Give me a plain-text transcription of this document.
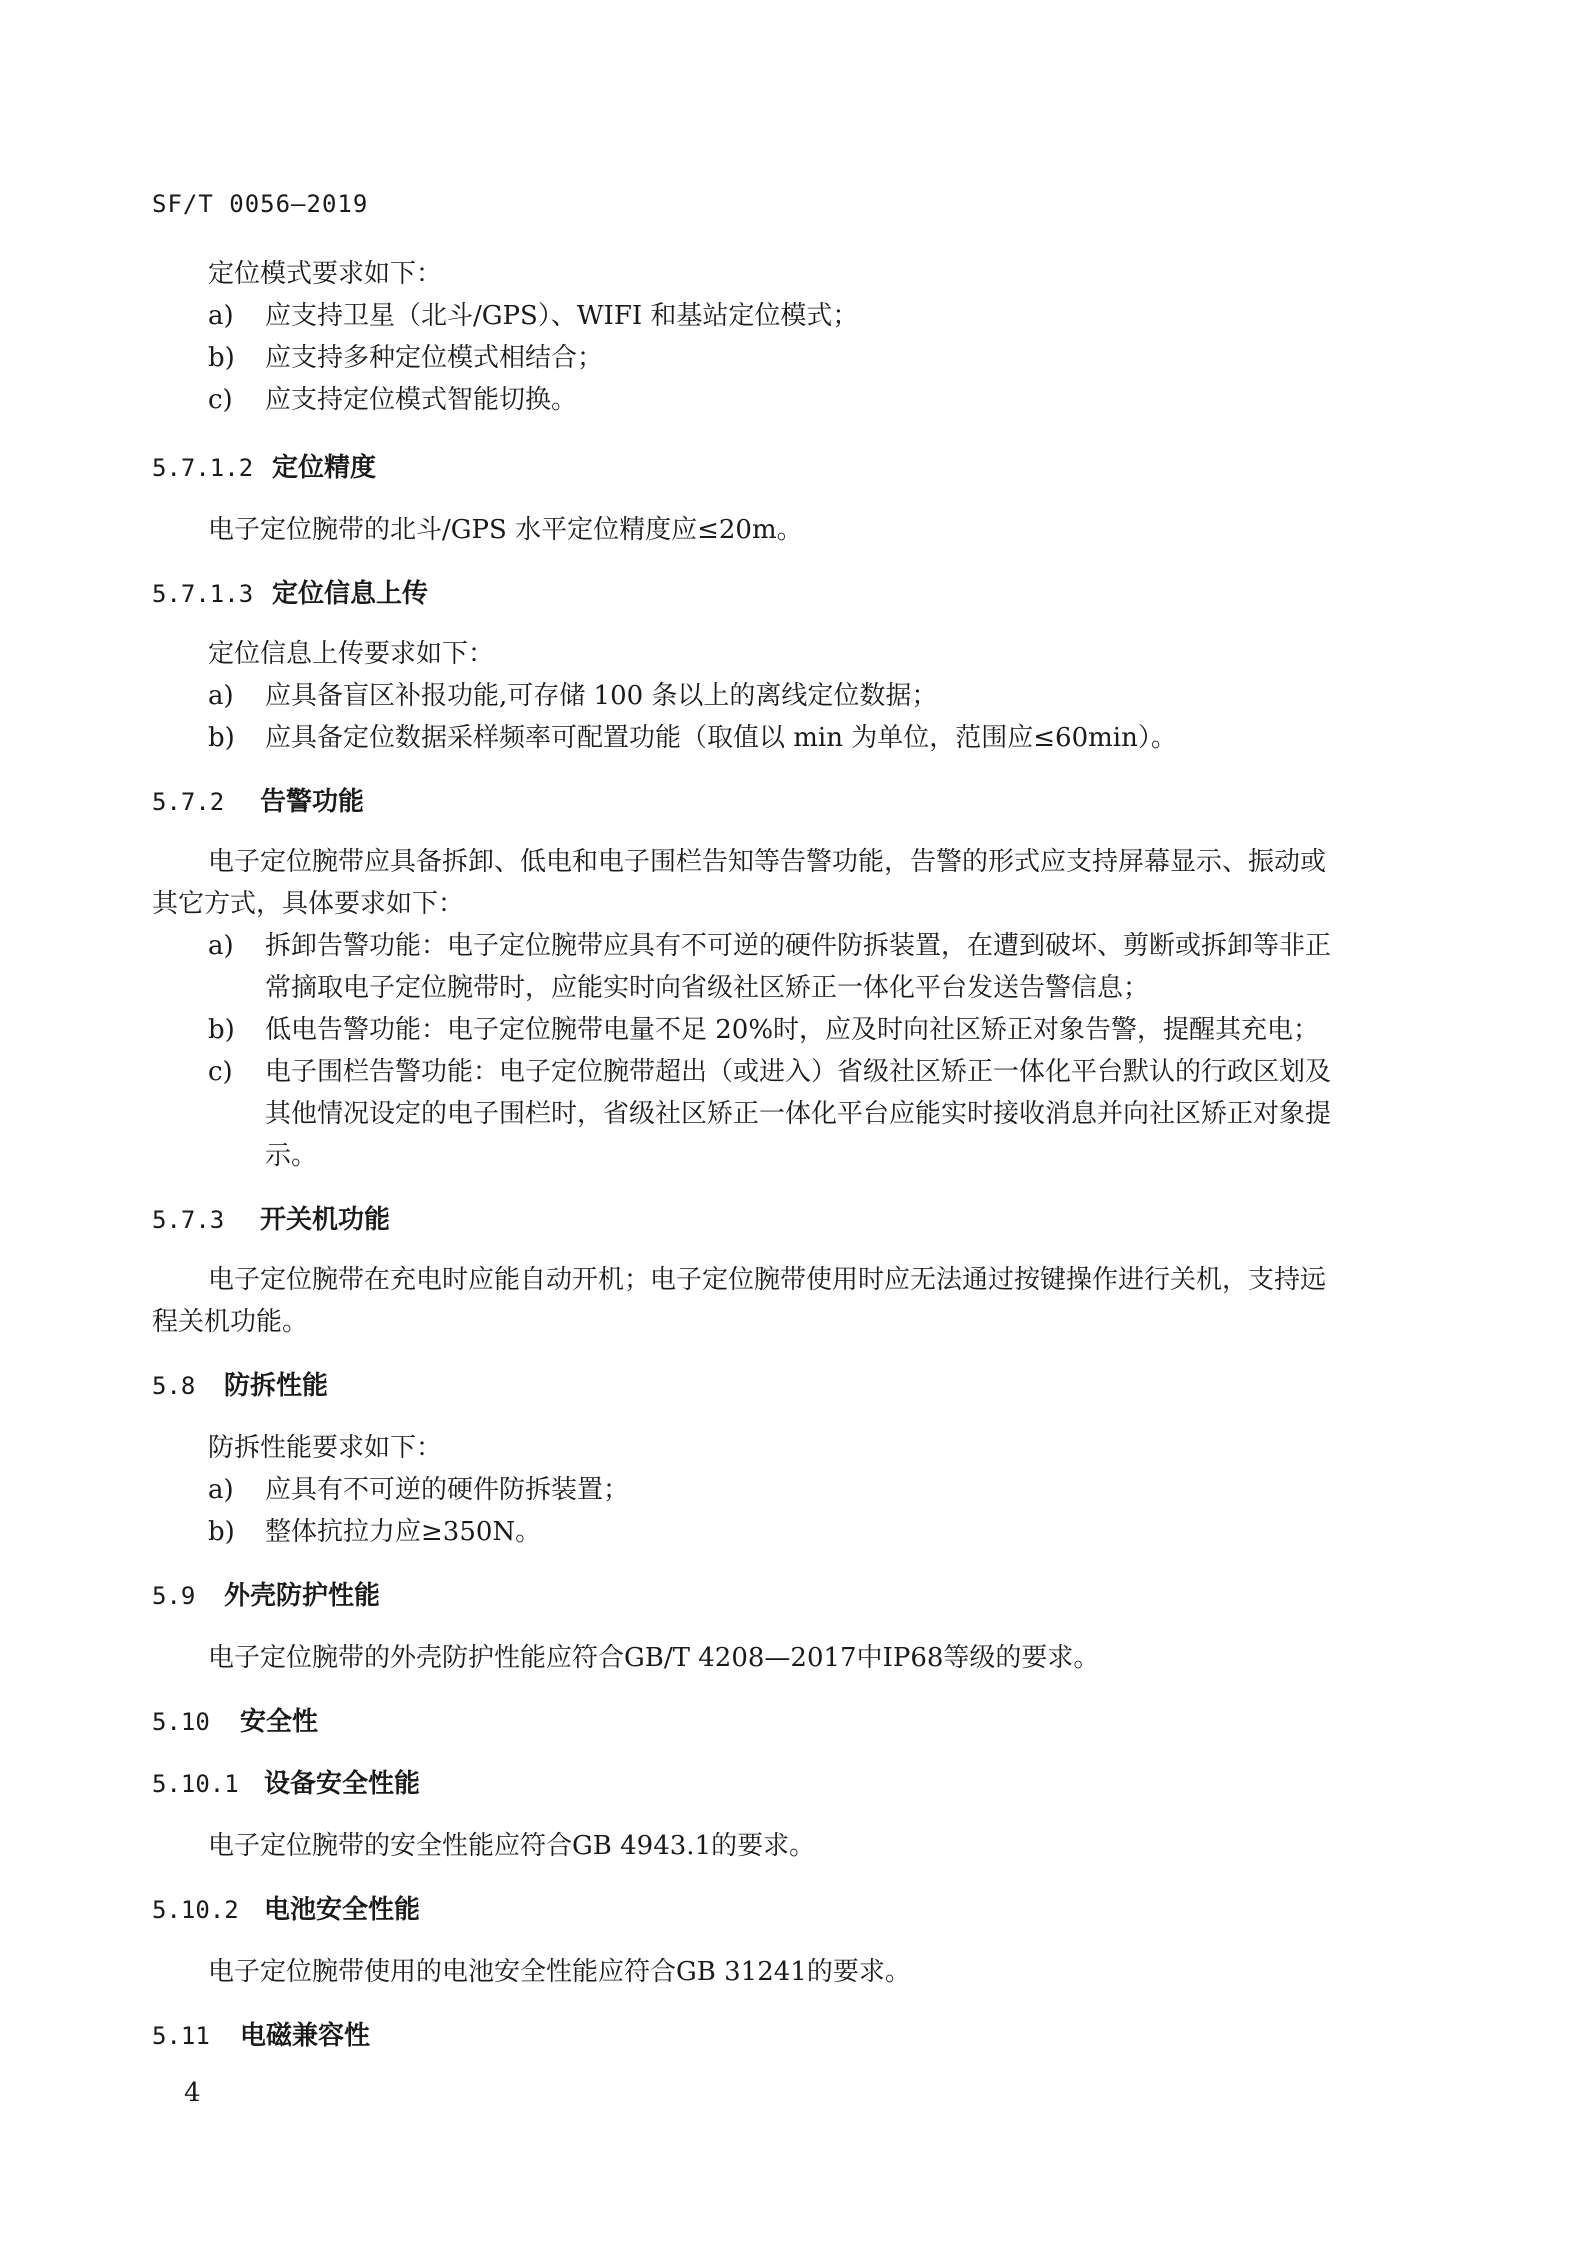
SF/T 0056—2019
定位模式要求如下：
a) 应支持卫星（北斗/GPS）、WIFI 和基站定位模式；
b) 应支持多种定位模式相结合；
c) 应支持定位模式智能切换。
5.7.1.2 定位精度
电子定位腕带的北斗/GPS 水平定位精度应≤20m。
5.7.1.3 定位信息上传
定位信息上传要求如下：
a) 应具备盲区补报功能,可存储 100 条以上的离线定位数据；
b) 应具备定位数据采样频率可配置功能（取值以 min 为单位，范围应≤60min）。
5.7.2 告警功能
电子定位腕带应具备拆卸、低电和电子围栏告知等告警功能，告警的形式应支持屏幕显示、振动或
其它方式，具体要求如下：
a) 拆卸告警功能：电子定位腕带应具有不可逆的硬件防拆装置，在遭到破坏、剪断或拆卸等非正
常摘取电子定位腕带时，应能实时向省级社区矫正一体化平台发送告警信息；
b) 低电告警功能：电子定位腕带电量不足 20%时，应及时向社区矫正对象告警，提醒其充电；
c) 电子围栏告警功能：电子定位腕带超出（或进入）省级社区矫正一体化平台默认的行政区划及
其他情况设定的电子围栏时，省级社区矫正一体化平台应能实时接收消息并向社区矫正对象提
示。
5.7.3 开关机功能
电子定位腕带在充电时应能自动开机；电子定位腕带使用时应无法通过按键操作进行关机，支持远
程关机功能。
5.8 防拆性能
防拆性能要求如下：
a) 应具有不可逆的硬件防拆装置；
b) 整体抗拉力应≥350N。
5.9 外壳防护性能
电子定位腕带的外壳防护性能应符合GB/T 4208—2017中IP68等级的要求。
5.10 安全性
5.10.1 设备安全性能
电子定位腕带的安全性能应符合GB 4943.1的要求。
5.10.2 电池安全性能
电子定位腕带使用的电池安全性能应符合GB 31241的要求。
5.11 电磁兼容性
4
